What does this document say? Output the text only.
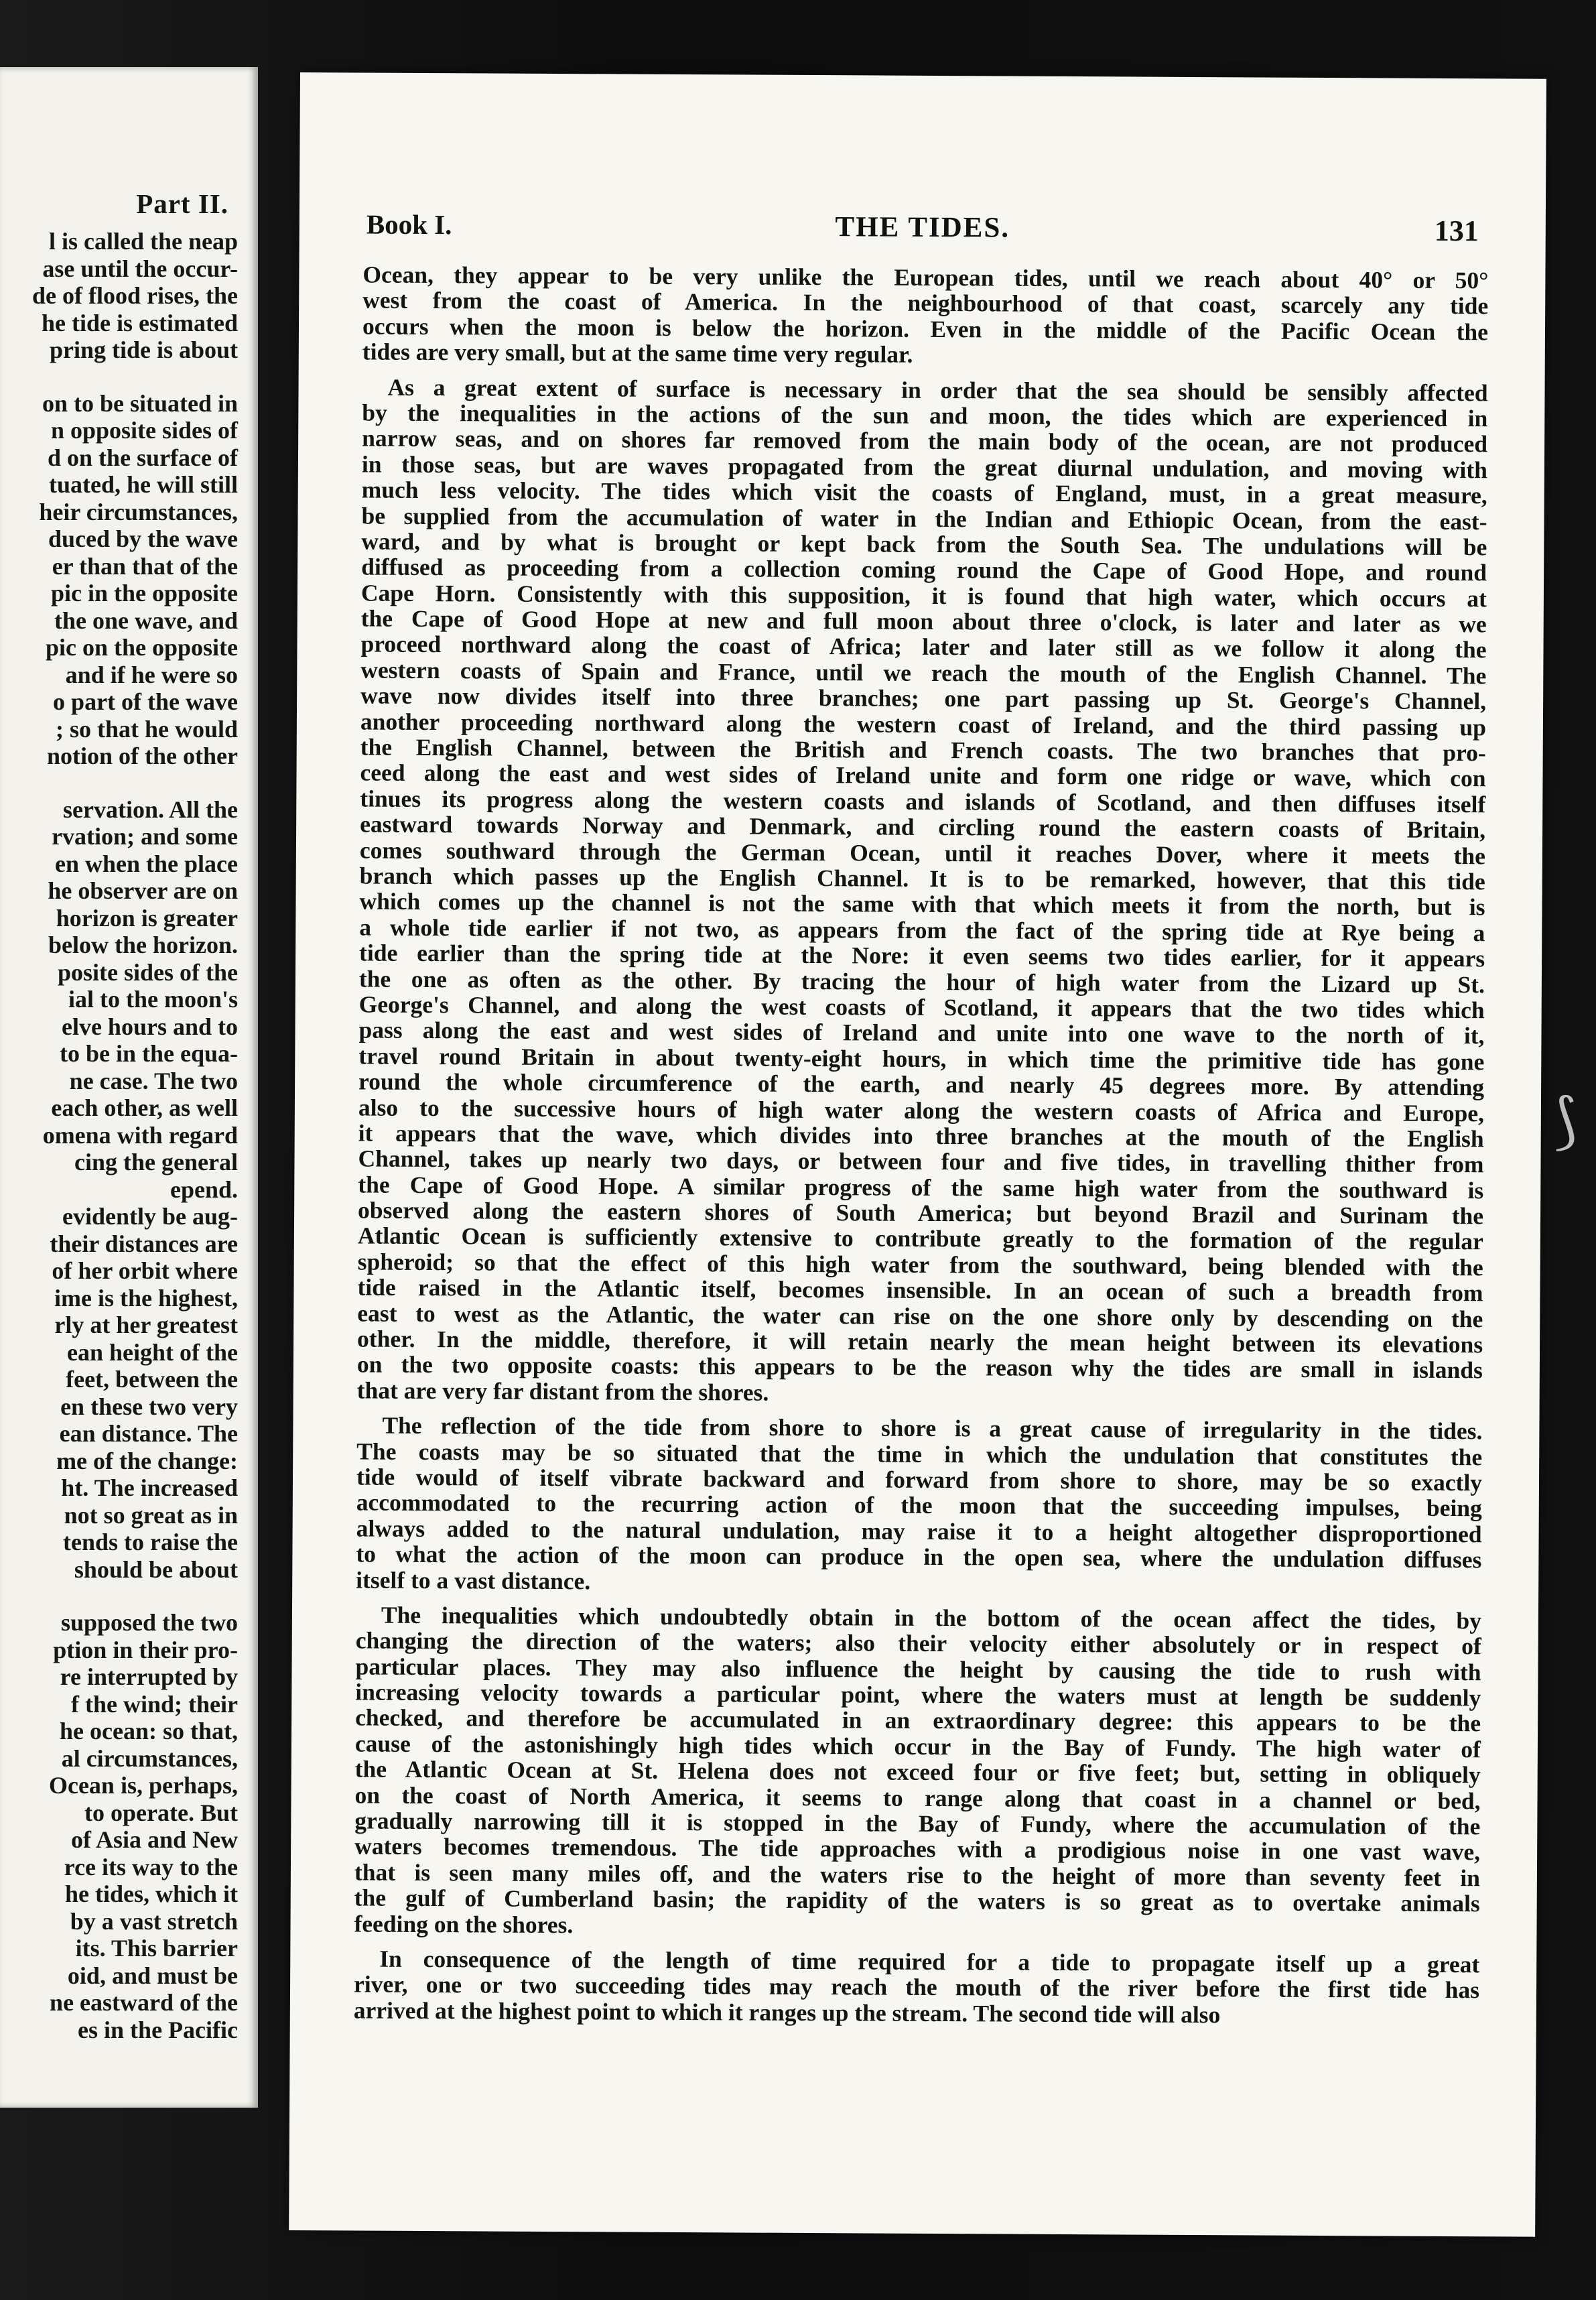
Part II.
l is called the neap
ase until the occur-
de of flood rises, the
he tide is estimated
pring tide is about
on to be situated in
n opposite sides of
d on the surface of
tuated, he will still
heir circumstances,
duced by the wave
er than that of the
pic in the opposite
the one wave, and
pic on the opposite
and if he were so
o part of the wave
; so that he would
notion of the other
servation. All the
rvation; and some
en when the place
he observer are on
horizon is greater
below the horizon.
posite sides of the
ial to the moon's
elve hours and to
to be in the equa-
ne case. The two
each other, as well
omena with regard
cing the general
epend.
evidently be aug-
their distances are
of her orbit where
ime is the highest,
rly at her greatest
ean height of the
feet, between the
en these two very
ean distance. The
me of the change:
ht. The increased
not so great as in
tends to raise the
should be about
supposed the two
ption in their pro-
re interrupted by
f the wind; their
he ocean: so that,
al circumstances,
Ocean is, perhaps,
to operate. But
of Asia and New
rce its way to the
he tides, which it
by a vast stretch
its. This barrier
oid, and must be
ne eastward of the
es in the Pacific
Book I.	THE TIDES.	131
Ocean, they appear to be very unlike the European tides, until we reach about 40° or 50°
west from the coast of America. In the neighbourhood of that coast, scarcely any tide
occurs when the moon is below the horizon. Even in the middle of the Pacific Ocean the
tides are very small, but at the same time very regular.
As a great extent of surface is necessary in order that the sea should be sensibly affected
by the inequalities in the actions of the sun and moon, the tides which are experienced in
narrow seas, and on shores far removed from the main body of the ocean, are not produced
in those seas, but are waves propagated from the great diurnal undulation, and moving with
much less velocity. The tides which visit the coasts of England, must, in a great measure,
be supplied from the accumulation of water in the Indian and Ethiopic Ocean, from the east-
ward, and by what is brought or kept back from the South Sea. The undulations will be
diffused as proceeding from a collection coming round the Cape of Good Hope, and round
Cape Horn. Consistently with this supposition, it is found that high water, which occurs at
the Cape of Good Hope at new and full moon about three o'clock, is later and later as we
proceed northward along the coast of Africa; later and later still as we follow it along the
western coasts of Spain and France, until we reach the mouth of the English Channel. The
wave now divides itself into three branches; one part passing up St. George's Channel,
another proceeding northward along the western coast of Ireland, and the third passing up
the English Channel, between the British and French coasts. The two branches that pro-
ceed along the east and west sides of Ireland unite and form one ridge or wave, which con
tinues its progress along the western coasts and islands of Scotland, and then diffuses itself
eastward towards Norway and Denmark, and circling round the eastern coasts of Britain,
comes southward through the German Ocean, until it reaches Dover, where it meets the
branch which passes up the English Channel. It is to be remarked, however, that this tide
which comes up the channel is not the same with that which meets it from the north, but is
a whole tide earlier if not two, as appears from the fact of the spring tide at Rye being a
tide earlier than the spring tide at the Nore: it even seems two tides earlier, for it appears
the one as often as the other. By tracing the hour of high water from the Lizard up St.
George's Channel, and along the west coasts of Scotland, it appears that the two tides which
pass along the east and west sides of Ireland and unite into one wave to the north of it,
travel round Britain in about twenty-eight hours, in which time the primitive tide has gone
round the whole circumference of the earth, and nearly 45 degrees more. By attending
also to the successive hours of high water along the western coasts of Africa and Europe,
it appears that the wave, which divides into three branches at the mouth of the English
Channel, takes up nearly two days, or between four and five tides, in travelling thither from
the Cape of Good Hope. A similar progress of the same high water from the southward is
observed along the eastern shores of South America; but beyond Brazil and Surinam the
Atlantic Ocean is sufficiently extensive to contribute greatly to the formation of the regular
spheroid; so that the effect of this high water from the southward, being blended with the
tide raised in the Atlantic itself, becomes insensible. In an ocean of such a breadth from
east to west as the Atlantic, the water can rise on the one shore only by descending on the
other. In the middle, therefore, it will retain nearly the mean height between its elevations
on the two opposite coasts: this appears to be the reason why the tides are small in islands
that are very far distant from the shores.
The reflection of the tide from shore to shore is a great cause of irregularity in the tides.
The coasts may be so situated that the time in which the undulation that constitutes the
tide would of itself vibrate backward and forward from shore to shore, may be so exactly
accommodated to the recurring action of the moon that the succeeding impulses, being
always added to the natural undulation, may raise it to a height altogether disproportioned
to what the action of the moon can produce in the open sea, where the undulation diffuses
itself to a vast distance.
The inequalities which undoubtedly obtain in the bottom of the ocean affect the tides, by
changing the direction of the waters; also their velocity either absolutely or in respect of
particular places. They may also influence the height by causing the tide to rush with
increasing velocity towards a particular point, where the waters must at length be suddenly
checked, and therefore be accumulated in an extraordinary degree: this appears to be the
cause of the astonishingly high tides which occur in the Bay of Fundy. The high water of
the Atlantic Ocean at St. Helena does not exceed four or five feet; but, setting in obliquely
on the coast of North America, it seems to range along that coast in a channel or bed,
gradually narrowing till it is stopped in the Bay of Fundy, where the accumulation of the
waters becomes tremendous. The tide approaches with a prodigious noise in one vast wave,
that is seen many miles off, and the waters rise to the height of more than seventy feet in
the gulf of Cumberland basin; the rapidity of the waters is so great as to overtake animals
feeding on the shores.
In consequence of the length of time required for a tide to propagate itself up a great
river, one or two succeeding tides may reach the mouth of the river before the first tide has
arrived at the highest point to which it ranges up the stream. The second tide will also
⟆
